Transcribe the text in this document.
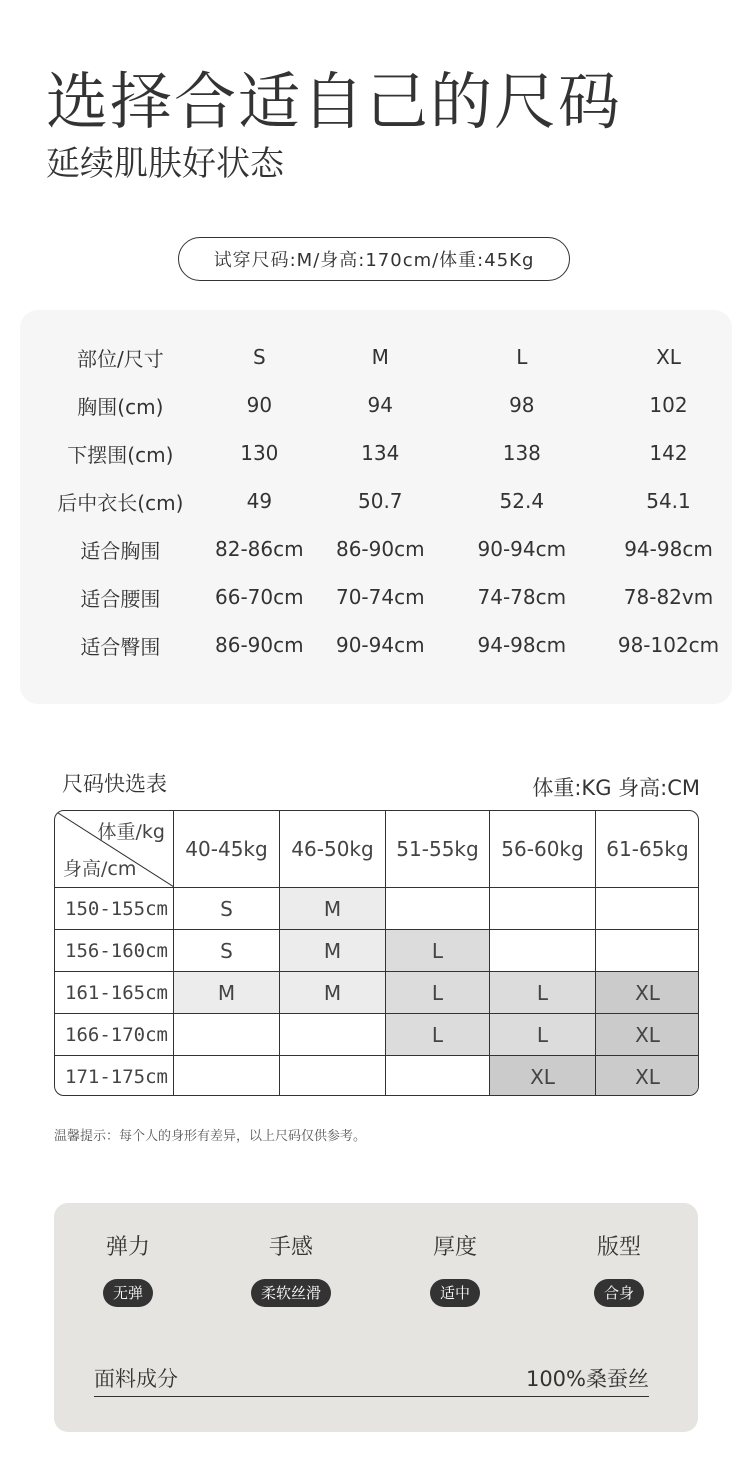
选择合适自己的尺码
延续肌肤好状态
试穿尺码:M/身高:170cm/体重:45Kg
部位/尺寸	S	M	L	XL
胸围(cm)	90	94	98	102
下摆围(cm)	130	134	138	142
后中衣长(cm)	49	50.7	52.4	54.1
适合胸围	82-86cm	86-90cm	90-94cm	94-98cm
适合腰围	66-70cm	70-74cm	74-78cm	78-82vm
适合臀围	86-90cm	90-94cm	94-98cm	98-102cm
尺码快选表	体重:KG 身高:CM
体重/kg
身高/cm	40-45kg	46-50kg	51-55kg	56-60kg	61-65kg
150-155cm	S	M			
156-160cm	S	M	L		
161-165cm	M	M	L	L	XL
166-170cm			L	L	XL
171-175cm				XL	XL
温馨提示：每个人的身形有差异，以上尺码仅供参考。
弹力
无弹
手感
柔软丝滑
厚度
适中
版型
合身
面料成分	100%桑蚕丝
